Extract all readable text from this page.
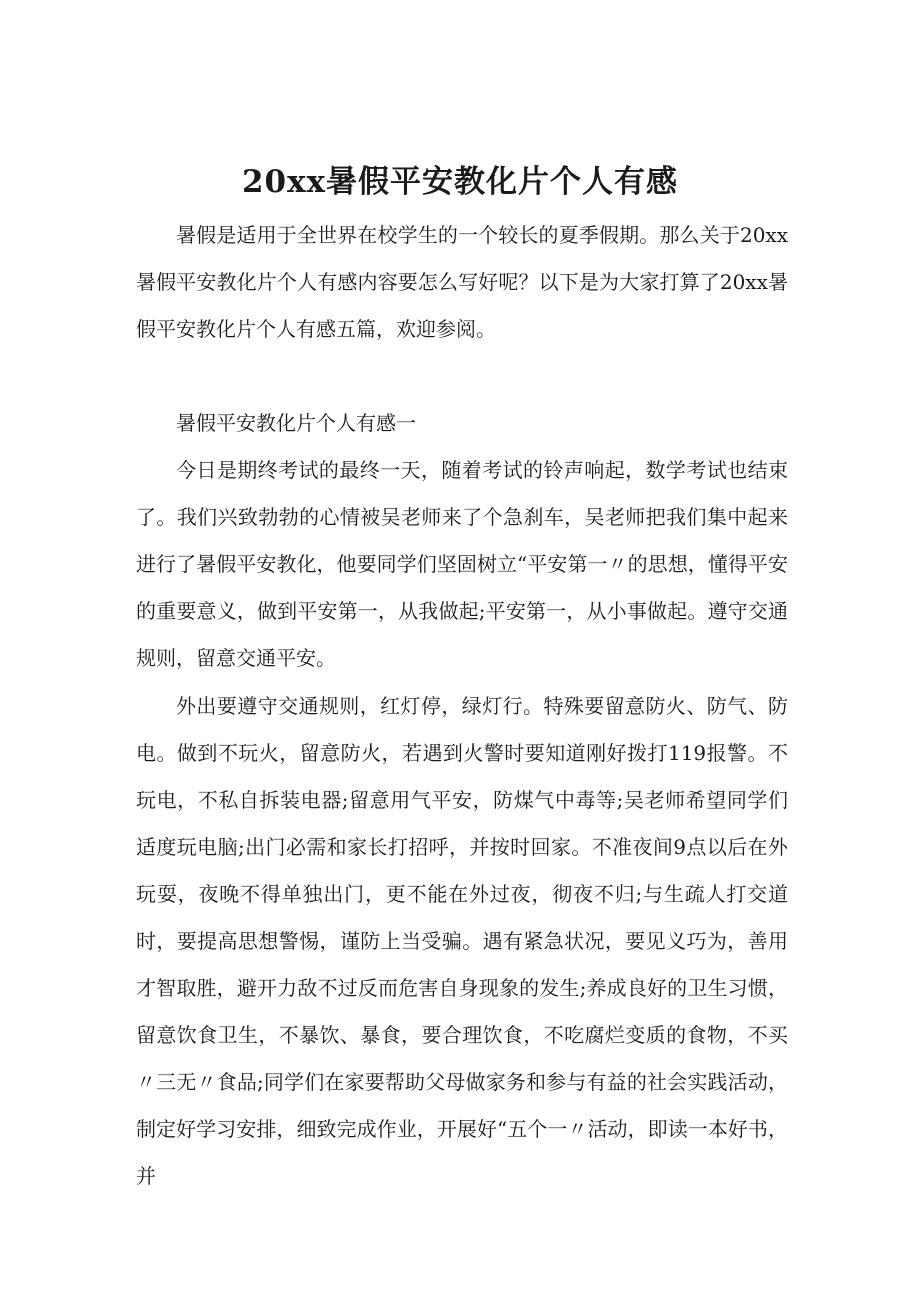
20xx暑假平安教化片个人有感

暑假是适用于全世界在校学生的一个较长的夏季假期。那么关于20xx暑假平安教化片个人有感内容要怎么写好呢？以下是为大家打算了20xx暑假平安教化片个人有感五篇，欢迎参阅。

暑假平安教化片个人有感一

今日是期终考试的最终一天，随着考试的铃声响起，数学考试也结束了。我们兴致勃勃的心情被吴老师来了个急刹车，吴老师把我们集中起来进行了暑假平安教化，他要同学们坚固树立“平安第一〃的思想，懂得平安的重要意义，做到平安第一，从我做起;平安第一，从小事做起。遵守交通规则，留意交通平安。

外出要遵守交通规则，红灯停，绿灯行。特殊要留意防火、防气、防电。做到不玩火，留意防火，若遇到火警时要知道刚好拨打119报警。不玩电，不私自拆装电器;留意用气平安，防煤气中毒等;吴老师希望同学们适度玩电脑;出门必需和家长打招呼，并按时回家。不准夜间9点以后在外玩耍，夜晚不得单独出门，更不能在外过夜，彻夜不归;与生疏人打交道时，要提高思想警惕，谨防上当受骗。遇有紧急状况，要见义巧为，善用才智取胜，避开力敌不过反而危害自身现象的发生;养成良好的卫生习惯，留意饮食卫生，不暴饮、暴食，要合理饮食，不吃腐烂变质的食物，不买〃三无〃食品;同学们在家要帮助父母做家务和参与有益的社会实践活动，制定好学习安排，细致完成作业，开展好“五个一〃活动，即读一本好书，并
